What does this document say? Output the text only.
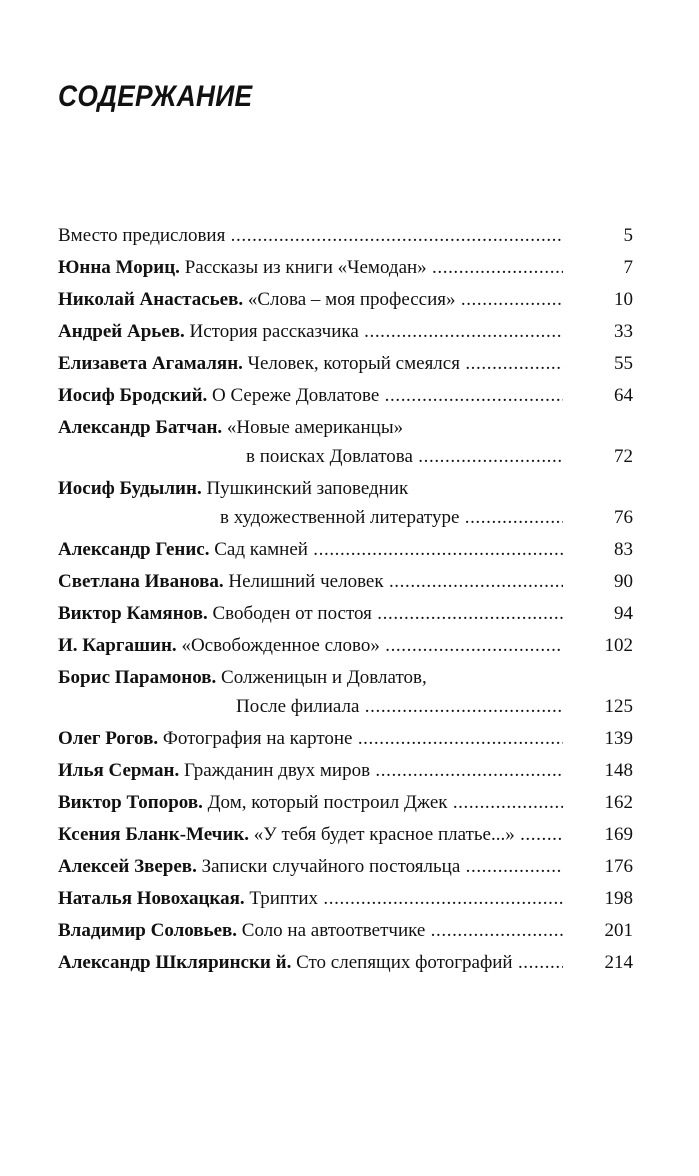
СОДЕРЖАНИЕ
Вместо предисловия .....	5
Юнна Мориц. Рассказы из книги «Чемодан» .....	7
Николай Анастасьев. «Слова – моя профессия» .....	10
Андрей Арьев. История рассказчика .....	33
Елизавета Агамалян. Человек, который смеялся .....	55
Иосиф Бродский. О Сереже Довлатове .....	64
Александр Батчан. «Новые американцы»
в поисках Довлатова .....	72
Иосиф Будылин. Пушкинский заповедник
в художественной литературе .....	76
Александр Генис. Сад камней .....	83
Светлана Иванова. Нелишний человек .....	90
Виктор Камянов. Свободен от постоя .....	94
И. Каргашин. «Освобожденное слово» .....	102
Борис Парамонов. Солженицын и Довлатов,
После филиала .....	125
Олег Рогов. Фотография на картоне .....	139
Илья Серман. Гражданин двух миров .....	148
Виктор Топоров. Дом, который построил Джек .....	162
Ксения Бланк-Мечик. «У тебя будет красное платье...» .....	169
Алексей Зверев. Записки случайного постояльца .....	176
Наталья Новохацкая. Триптих .....	198
Владимир Соловьев. Соло на автоответчике .....	201
Александр Шклярински й. Сто слепящих фотографий .....	214
